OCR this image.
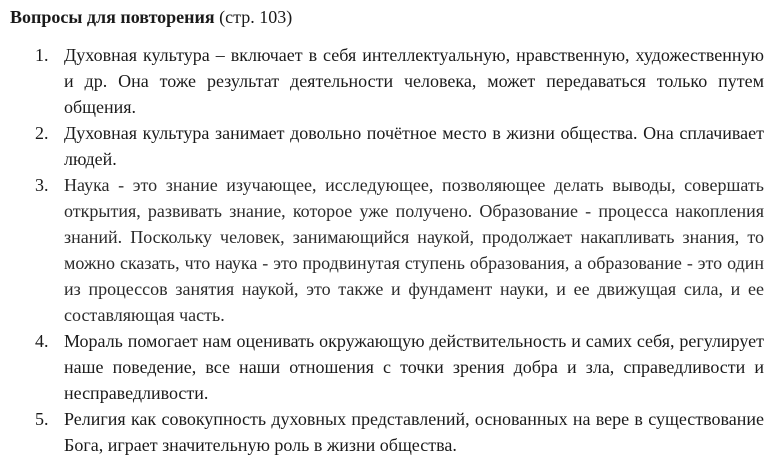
Вопросы для повторения (стр. 103)
1. Духовная культура – включает в себя интеллектуальную, нравственную, художественную и др. Она тоже результат деятельности человека, может передаваться только путем общения.
2. Духовная культура занимает довольно почётное место в жизни общества. Она сплачивает людей.
3. Наука - это знание изучающее, исследующее, позволяющее делать выводы, совершать открытия, развивать знание, которое уже получено. Образование - процесса накопления знаний. Поскольку человек, занимающийся наукой, продолжает накапливать знания, то можно сказать, что наука - это продвинутая ступень образования, а образование - это один из процессов занятия наукой, это также и фундамент науки, и ее движущая сила, и ее составляющая часть.
4. Мораль помогает нам оценивать окружающую действительность и самих себя, регулирует наше поведение, все наши отношения с точки зрения добра и зла, справедливости и несправедливости.
5. Религия как совокупность духовных представлений, основанных на вере в существование Бога, играет значительную роль в жизни общества.
